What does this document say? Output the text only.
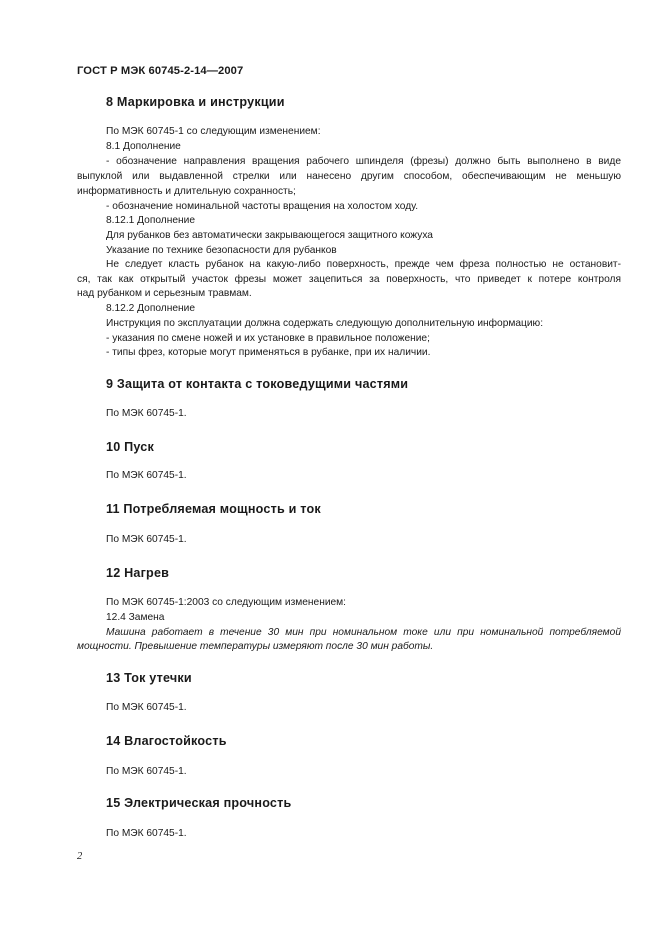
ГОСТ Р МЭК 60745-2-14—2007
8 Маркировка и инструкции
По МЭК 60745-1 со следующим изменением:
8.1 Дополнение
- обозначение направления вращения рабочего шпинделя (фрезы) должно быть выполнено в виде
выпуклой или выдавленной стрелки или нанесено другим способом, обеспечивающим не меньшую
информативность и длительную сохранность;
- обозначение номинальной частоты вращения на холостом ходу.
8.12.1 Дополнение
Для рубанков без автоматически закрывающегося защитного кожуха
Указание по технике безопасности для рубанков
Не следует класть рубанок на какую-либо поверхность, прежде чем фреза полностью не остановит-
ся, так как открытый участок фрезы может зацепиться за поверхность, что приведет к потере контроля
над рубанком и серьезным травмам.
8.12.2 Дополнение
Инструкция по эксплуатации должна содержать следующую дополнительную информацию:
- указания по смене ножей и их установке в правильное положение;
- типы фрез, которые могут применяться в рубанке, при их наличии.
9 Защита от контакта с токоведущими частями
По МЭК 60745-1.
10 Пуск
По МЭК 60745-1.
11 Потребляемая мощность и ток
По МЭК 60745-1.
12 Нагрев
По МЭК 60745-1:2003 со следующим изменением:
12.4 Замена
Машина работает в течение 30 мин при номинальном токе или при номинальной потребляемой
мощности. Превышение температуры измеряют после 30 мин работы.
13 Ток утечки
По МЭК 60745-1.
14 Влагостойкость
По МЭК 60745-1.
15 Электрическая прочность
По МЭК 60745-1.
2
